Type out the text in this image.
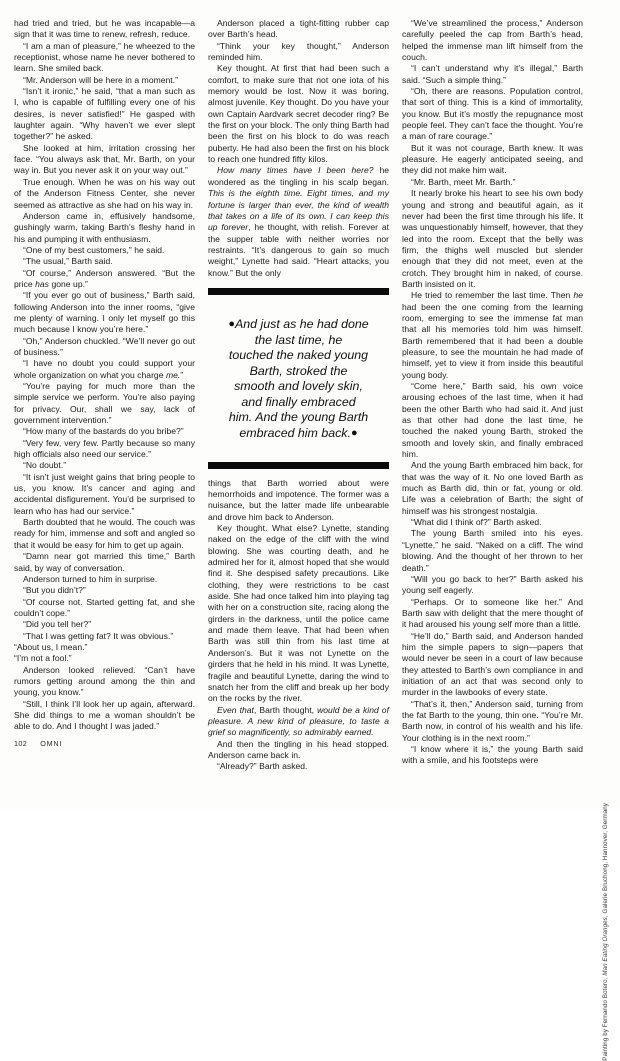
had tried and tried, but he was incapable—a sign that it was time to renew, refresh, reduce.

“I am a man of pleasure,” he wheezed to the receptionist, whose name he never bothered to learn. She smiled back.

“Mr. Anderson will be here in a moment.”

“Isn’t it ironic,” he said, “that a man such as I, who is capable of fulfilling every one of his desires, is never satisfied!” He gasped with laughter again. “Why haven’t we ever slept together?” he asked.

She looked at him, irritation crossing her face. “You always ask that, Mr. Barth, on your way in. But you never ask it on your way out.”

True enough. When he was on his way out of the Anderson Fitness Center, she never seemed as attractive as she had on his way in.

Anderson came in, effusively handsome, gushingly warm, taking Barth’s fleshy hand in his and pumping it with enthusiasm.

“One of my best customers,” he said.

“The usual,” Barth said.

“Of course,” Anderson answered. “But the price has gone up.”

“If you ever go out of business,” Barth said, following Anderson into the inner rooms, “give me plenty of warning. I only let myself go this much because I know you’re here.”

“Oh,” Anderson chuckled. “We’ll never go out of business.”

“I have no doubt you could support your whole organization on what you charge me.”

“You’re paying for much more than the simple service we perform. You’re also paying for privacy. Our, shall we say, lack of government intervention.”

“How many of the bastards do you bribe?”

“Very few, very few. Partly because so many high officials also need our service.”

“No doubt.”

“It isn’t just weight gains that bring people to us, you know. It’s cancer and aging and accidental disfigurement. You’d be surprised to learn who has had our service.”

Barth doubted that he would. The couch was ready for him, immense and soft and angled so that it would be easy for him to get up again.

“Damn near got married this time,” Barth said, by way of conversation.

Anderson turned to him in surprise.

“But you didn’t?”

“Of course not. Started getting fat, and she couldn’t cope.”

“Did you tell her?”

“That I was getting fat? It was obvious.”

“About us, I mean.”

“I’m not a fool.”

Anderson looked relieved. “Can’t have rumors getting around among the thin and young, you know.”

“Still, I think I’ll look her up again, afterward. She did things to me a woman shouldn’t be able to do. And I thought I was jaded.”

102 OMNI

Anderson placed a tight-fitting rubber cap over Barth’s head.

“Think your key thought,” Anderson reminded him.

Key thought. At first that had been such a comfort, to make sure that not one iota of his memory would be lost. Now it was boring, almost juvenile. Key thought. Do you have your own Captain Aardvark secret decoder ring? Be the first on your block. The only thing Barth had been the first on his block to do was reach puberty. He had also been the first on his block to reach one hundred fifty kilos.

How many times have I been here? he wondered as the tingling in his scalp began. This is the eighth time. Eight times, and my fortune is larger than ever, the kind of wealth that takes on a life of its own. I can keep this up forever, he thought, with relish. Forever at the supper table with neither worries nor restraints. “It’s dangerous to gain so much weight,” Lynette had said. “Heart attacks, you know.” But the only

●And just as he had done
the last time, he
touched the naked young
Barth, stroked the
smooth and lovely skin,
and finally embraced
him. And the young Barth
embraced him back.●

things that Barth worried about were hemorrhoids and impotence. The former was a nuisance, but the latter made life unbearable and drove him back to Anderson.

Key thought. What else? Lynette, standing naked on the edge of the cliff with the wind blowing. She was courting death, and he admired her for it, almost hoped that she would find it. She despised safety precautions. Like clothing, they were restrictions to be cast aside. She had once talked him into playing tag with her on a construction site, racing along the girders in the darkness, until the police came and made them leave. That had been when Barth was still thin from his last time at Anderson’s. But it was not Lynette on the girders that he held in his mind. It was Lynette, fragile and beautiful Lynette, daring the wind to snatch her from the cliff and break up her body on the rocks by the river.

Even that, Barth thought, would be a kind of pleasure. A new kind of pleasure, to taste a grief so magnificently, so admirably earned.

And then the tingling in his head stopped. Anderson came back in.

“Already?” Barth asked.

“We’ve streamlined the process,” Anderson carefully peeled the cap from Barth’s head, helped the immense man lift himself from the couch.

“I can’t understand why it’s illegal,” Barth said. “Such a simple thing.”

“Oh, there are reasons. Population control, that sort of thing. This is a kind of immortality, you know. But it’s mostly the repugnance most people feel. They can’t face the thought. You’re a man of rare courage.”

But it was not courage, Barth knew. It was pleasure. He eagerly anticipated seeing, and they did not make him wait.

“Mr. Barth, meet Mr. Barth.”

It nearly broke his heart to see his own body young and strong and beautiful again, as it never had been the first time through his life. It was unquestionably himself, however, that they led into the room. Except that the belly was firm, the thighs well muscled but slender enough that they did not meet, even at the crotch. They brought him in naked, of course. Barth insisted on it.

He tried to remember the last time. Then he had been the one coming from the learning room, emerging to see the immense fat man that all his memories told him was himself. Barth remembered that it had been a double pleasure, to see the mountain he had made of himself, yet to view it from inside this beautiful young body.

“Come here,” Barth said, his own voice arousing echoes of the last time, when it had been the other Barth who had said it. And just as that other had done the last time, he touched the naked young Barth, stroked the smooth and lovely skin, and finally embraced him.

And the young Barth embraced him back, for that was the way of it. No one loved Barth as much as Barth did, thin or fat, young or old. Life was a celebration of Barth; the sight of himself was his strongest nostalgia.

“What did I think of?” Barth asked.

The young Barth smiled into his eyes. “Lynette,” he said. “Naked on a cliff. The wind blowing. And the thought of her thrown to her death.”

“Will you go back to her?” Barth asked his young self eagerly.

“Perhaps. Or to someone like her.” And Barth saw with delight that the mere thought of it had aroused his young self more than a little.

“He’ll do,” Barth said, and Anderson handed him the simple papers to sign—papers that would never be seen in a court of law because they attested to Barth’s own compliance in and initiation of an act that was second only to murder in the lawbooks of every state.

“That’s it, then,” Anderson said, turning from the fat Barth to the young, thin one. “You’re Mr. Barth now, in control of his wealth and his life. Your clothing is in the next room.”

“I know where it is,” the young Barth said with a smile, and his footsteps were

Painting by Fernando Botero, Man Eating Oranges, Galerie Bruchong, Hannover, Germany
